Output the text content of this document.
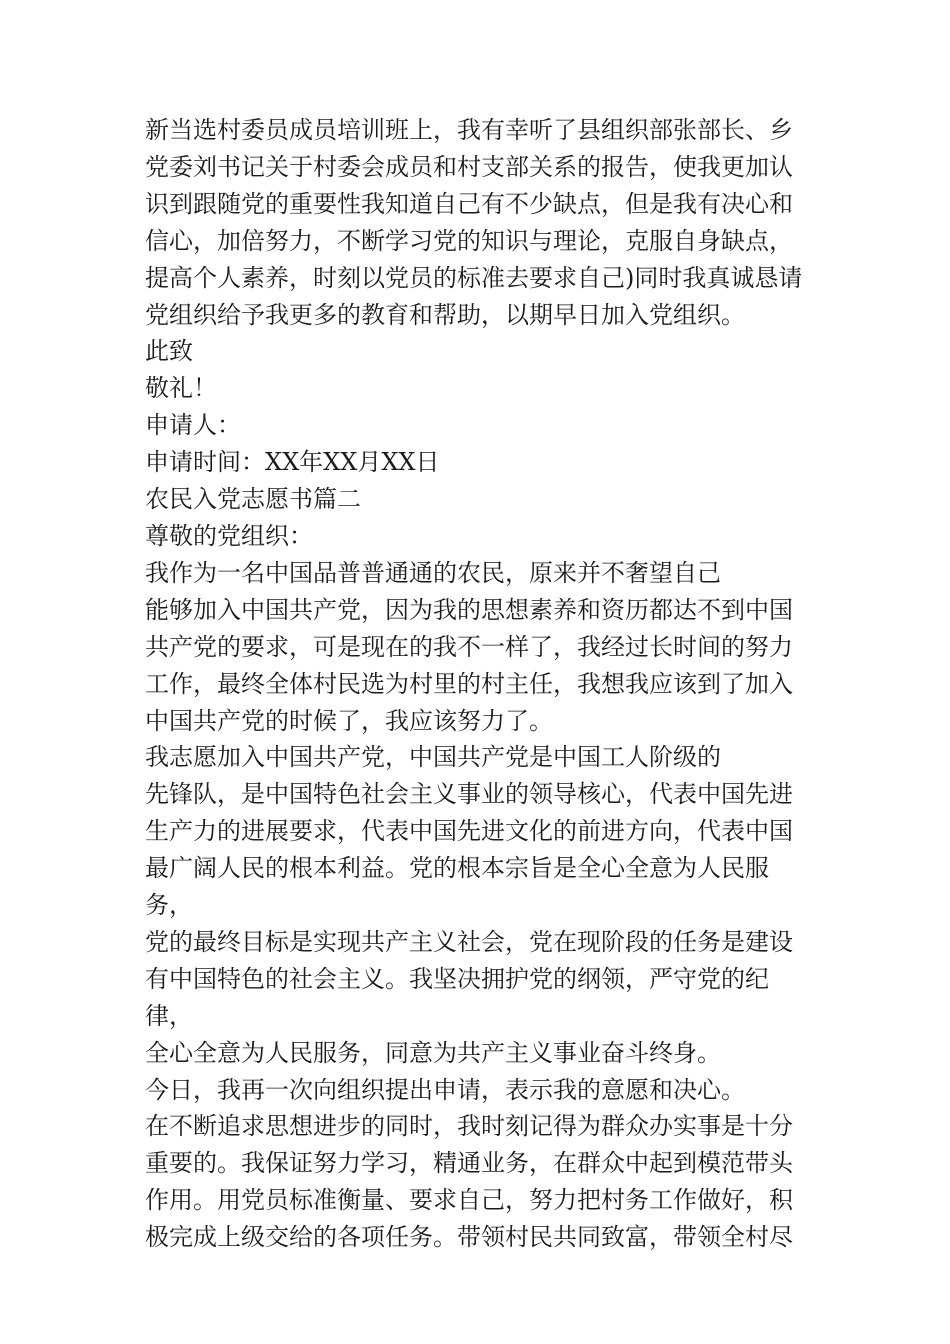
新当选村委员成员培训班上，我有幸听了县组织部张部长、乡

党委刘书记关于村委会成员和村支部关系的报告，使我更加认

识到跟随党的重要性我知道自己有不少缺点，但是我有决心和

信心，加倍努力，不断学习党的知识与理论，克服自身缺点，

提高个人素养，时刻以党员的标准去要求自己)同时我真诚恳请

党组织给予我更多的教育和帮助，以期早日加入党组织。

此致

敬礼！

申请人：

申请时间：XX年XX月XX日

农民入党志愿书篇二

尊敬的党组织：

我作为一名中国品普普通通的农民，原来并不奢望自己

能够加入中国共产党，因为我的思想素养和资历都达不到中国

共产党的要求，可是现在的我不一样了，我经过长时间的努力

工作，最终全体村民选为村里的村主任，我想我应该到了加入

中国共产党的时候了，我应该努力了。

我志愿加入中国共产党，中国共产党是中国工人阶级的

先锋队，是中国特色社会主义事业的领导核心，代表中国先进

生产力的进展要求，代表中国先进文化的前进方向，代表中国

最广阔人民的根本利益。党的根本宗旨是全心全意为人民服务，

党的最终目标是实现共产主义社会，党在现阶段的任务是建设

有中国特色的社会主义。我坚决拥护党的纲领，严守党的纪律，

全心全意为人民服务，同意为共产主义事业奋斗终身。

今日，我再一次向组织提出申请，表示我的意愿和决心。

在不断追求思想进步的同时，我时刻记得为群众办实事是十分

重要的。我保证努力学习，精通业务，在群众中起到模范带头

作用。用党员标准衡量、要求自己，努力把村务工作做好，积

极完成上级交给的各项任务。带领村民共同致富，带领全村尽
